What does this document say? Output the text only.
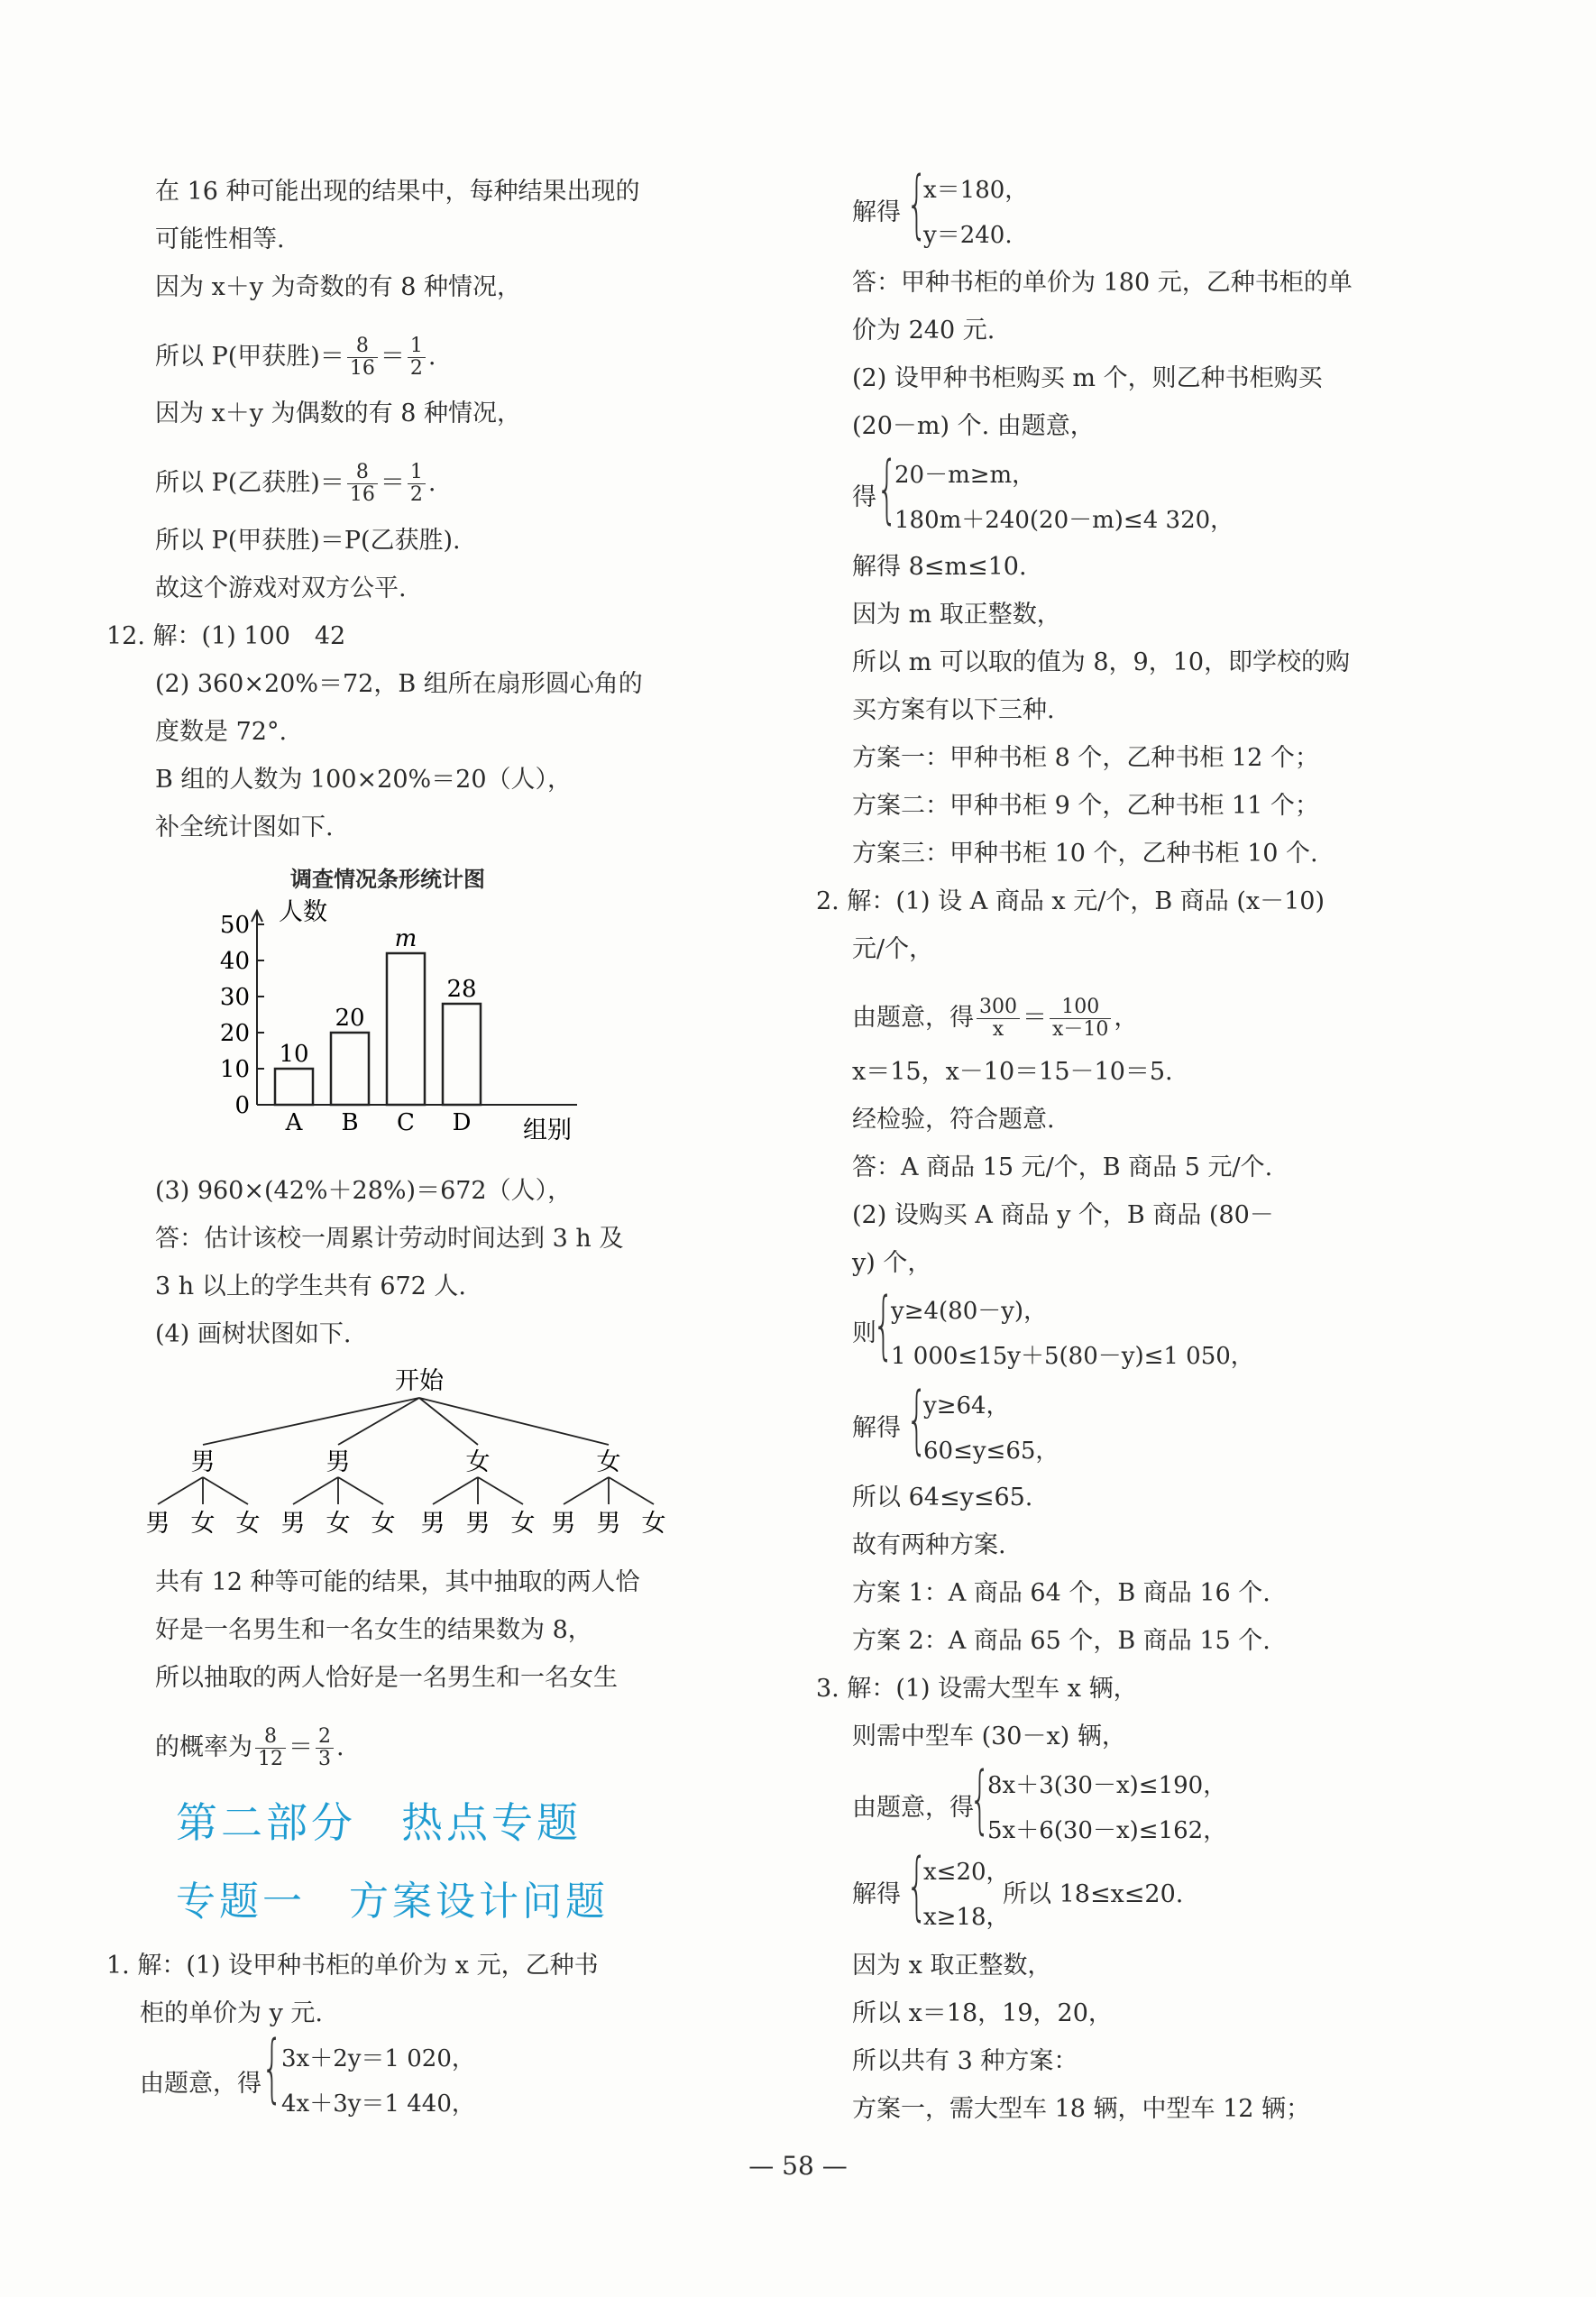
在 16 种可能出现的结果中，每种结果出现的
可能性相等.
因为 x＋y 为奇数的有 8 种情况，
所以 P(甲获胜)＝ $\frac{8}{16} = \frac{1}{2}$ .
因为 x＋y 为偶数的有 8 种情况，
所以 P(乙获胜)＝ $\frac{8}{16} = \frac{1}{2}$ .
所以 P(甲获胜)＝P(乙获胜).
故这个游戏对双方公平.
12. 解：(1) 100　42
(2) 360×20%＝72，B 组所在扇形圆心角的
度数是 72°.
B 组的人数为 100×20%＝20（人），
补全统计图如下.
调查情况条形统计图
0
10
20
30
40
50 人数
组别
10
A
20
B
m
C
28
D
(3) 960×(42%＋28%)＝672（人），
答：估计该校一周累计劳动时间达到 3 h 及
3 h 以上的学生共有 672 人.
(4) 画树状图如下.
开始
男
男 女 女
男
男 女 女
女
男 男 女
女
男 男 女
共有 12 种等可能的结果，其中抽取的两人恰
好是一名男生和一名女生的结果数为 8，
所以抽取的两人恰好是一名男生和一名女生
的概率为 $\frac{8}{12} = \frac{2}{3}$ .
第二部分　热点专题
专题一　方案设计问题
1. 解：(1) 设甲种书柜的单价为 x 元，乙种书
柜的单价为 y 元.
由题意，得 {
3x＋2y＝1 020，
4x＋3y＝1 440，
解得 {
x＝180，
y＝240.
答：甲种书柜的单价为 180 元，乙种书柜的单
价为 240 元.
(2) 设甲种书柜购买 m 个，则乙种书柜购买
(20－m) 个. 由题意，
得 {
20－m≥m，
180m＋240(20－m)≤4 320，
解得 8≤m≤10.
因为 m 取正整数，
所以 m 可以取的值为 8，9，10，即学校的购
买方案有以下三种.
方案一：甲种书柜 8 个，乙种书柜 12 个；
方案二：甲种书柜 9 个，乙种书柜 11 个；
方案三：甲种书柜 10 个，乙种书柜 10 个.
2. 解：(1) 设 A 商品 x 元/个，B 商品 (x－10)
元/个，
由题意，得 $\frac{300}{x} = \frac{100}{x-10}$ ，
x＝15，x－10＝15－10＝5.
经检验，符合题意.
答：A 商品 15 元/个，B 商品 5 元/个.
(2) 设购买 A 商品 y 个，B 商品 (80－
y) 个，
则
{
y≥4(80－y)，
1 000≤15y＋5(80－y)≤1 050，
解得 {
y≥64，
60≤y≤65，
所以 64≤y≤65.
故有两种方案.
方案 1：A 商品 64 个，B 商品 16 个.
方案 2：A 商品 65 个，B 商品 15 个.
3. 解：(1) 设需大型车 x 辆，
则需中型车 (30－x) 辆，
由题意，得
{
8x＋3(30－x)≤190，
5x＋6(30－x)≤162，
解得 {
x≤20，
x≥18，
所以 18≤x≤20.
因为 x 取正整数，
所以 x＝18，19，20，
所以共有 3 种方案：
方案一，需大型车 18 辆，中型车 12 辆；
— 58 —
